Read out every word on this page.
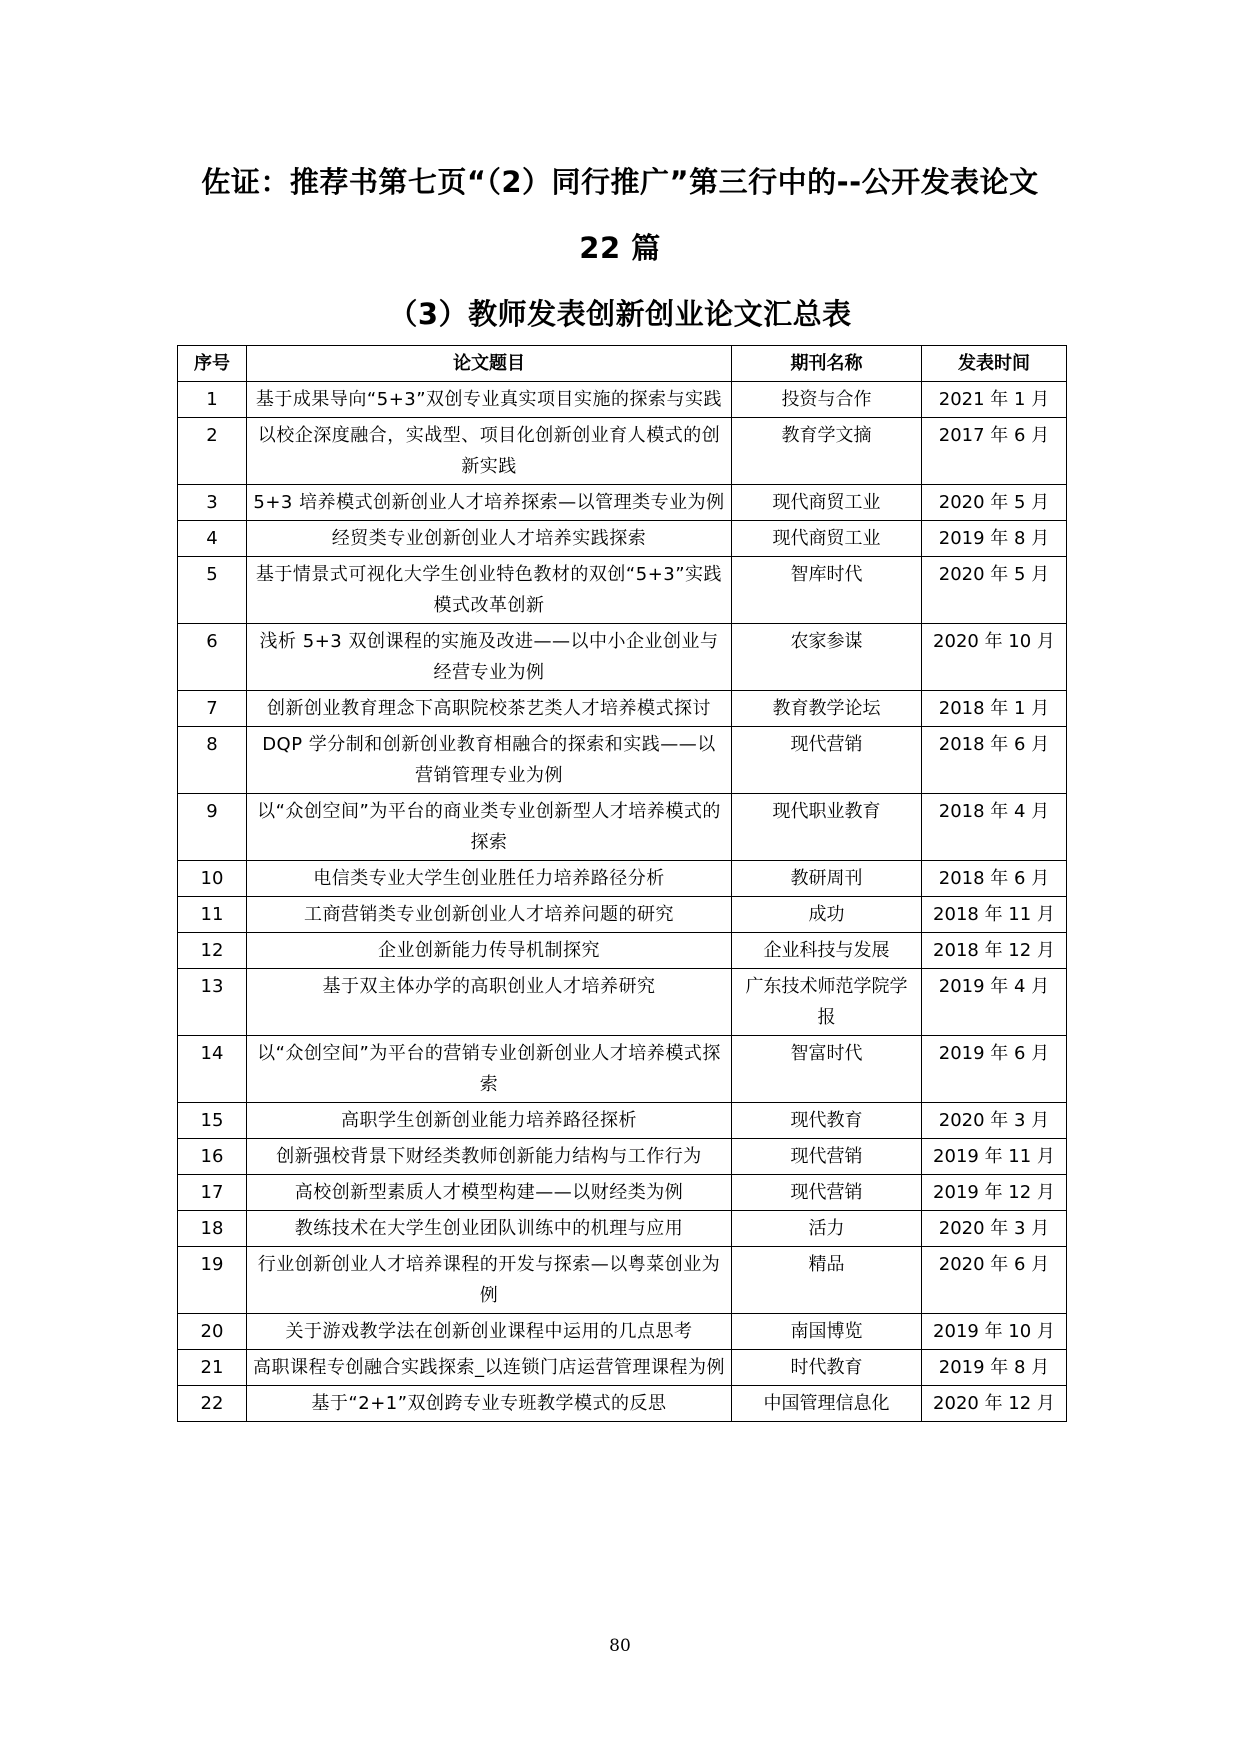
佐证：推荐书第七页“（2）同行推广”第三行中的--公开发表论文
22 篇
（3）教师发表创新创业论文汇总表
序号	论文题目	期刊名称	发表时间
1	基于成果导向“5+3”双创专业真实项目实施的探索与实践	投资与合作	2021 年 1 月
2	以校企深度融合，实战型、项目化创新创业育人模式的创新实践	教育学文摘	2017 年 6 月
3	5+3 培养模式创新创业人才培养探索—以管理类专业为例	现代商贸工业	2020 年 5 月
4	经贸类专业创新创业人才培养实践探索	现代商贸工业	2019 年 8 月
5	基于情景式可视化大学生创业特色教材的双创“5+3”实践模式改革创新	智库时代	2020 年 5 月
6	浅析 5+3 双创课程的实施及改进——以中小企业创业与经营专业为例	农家参谋	2020 年 10 月
7	创新创业教育理念下高职院校茶艺类人才培养模式探讨	教育教学论坛	2018 年 1 月
8	DQP 学分制和创新创业教育相融合的探索和实践——以营销管理专业为例	现代营销	2018 年 6 月
9	以“众创空间”为平台的商业类专业创新型人才培养模式的探索	现代职业教育	2018 年 4 月
10	电信类专业大学生创业胜任力培养路径分析	教研周刊	2018 年 6 月
11	工商营销类专业创新创业人才培养问题的研究	成功	2018 年 11 月
12	企业创新能力传导机制探究	企业科技与发展	2018 年 12 月
13	基于双主体办学的高职创业人才培养研究	广东技术师范学院学报	2019 年 4 月
14	以“众创空间”为平台的营销专业创新创业人才培养模式探索	智富时代	2019 年 6 月
15	高职学生创新创业能力培养路径探析	现代教育	2020 年 3 月
16	创新强校背景下财经类教师创新能力结构与工作行为	现代营销	2019 年 11 月
17	高校创新型素质人才模型构建——以财经类为例	现代营销	2019 年 12 月
18	教练技术在大学生创业团队训练中的机理与应用	活力	2020 年 3 月
19	行业创新创业人才培养课程的开发与探索—以粤菜创业为例	精品	2020 年 6 月
20	关于游戏教学法在创新创业课程中运用的几点思考	南国博览	2019 年 10 月
21	高职课程专创融合实践探索_以连锁门店运营管理课程为例	时代教育	2019 年 8 月
22	基于“2+1”双创跨专业专班教学模式的反思	中国管理信息化	2020 年 12 月
80
